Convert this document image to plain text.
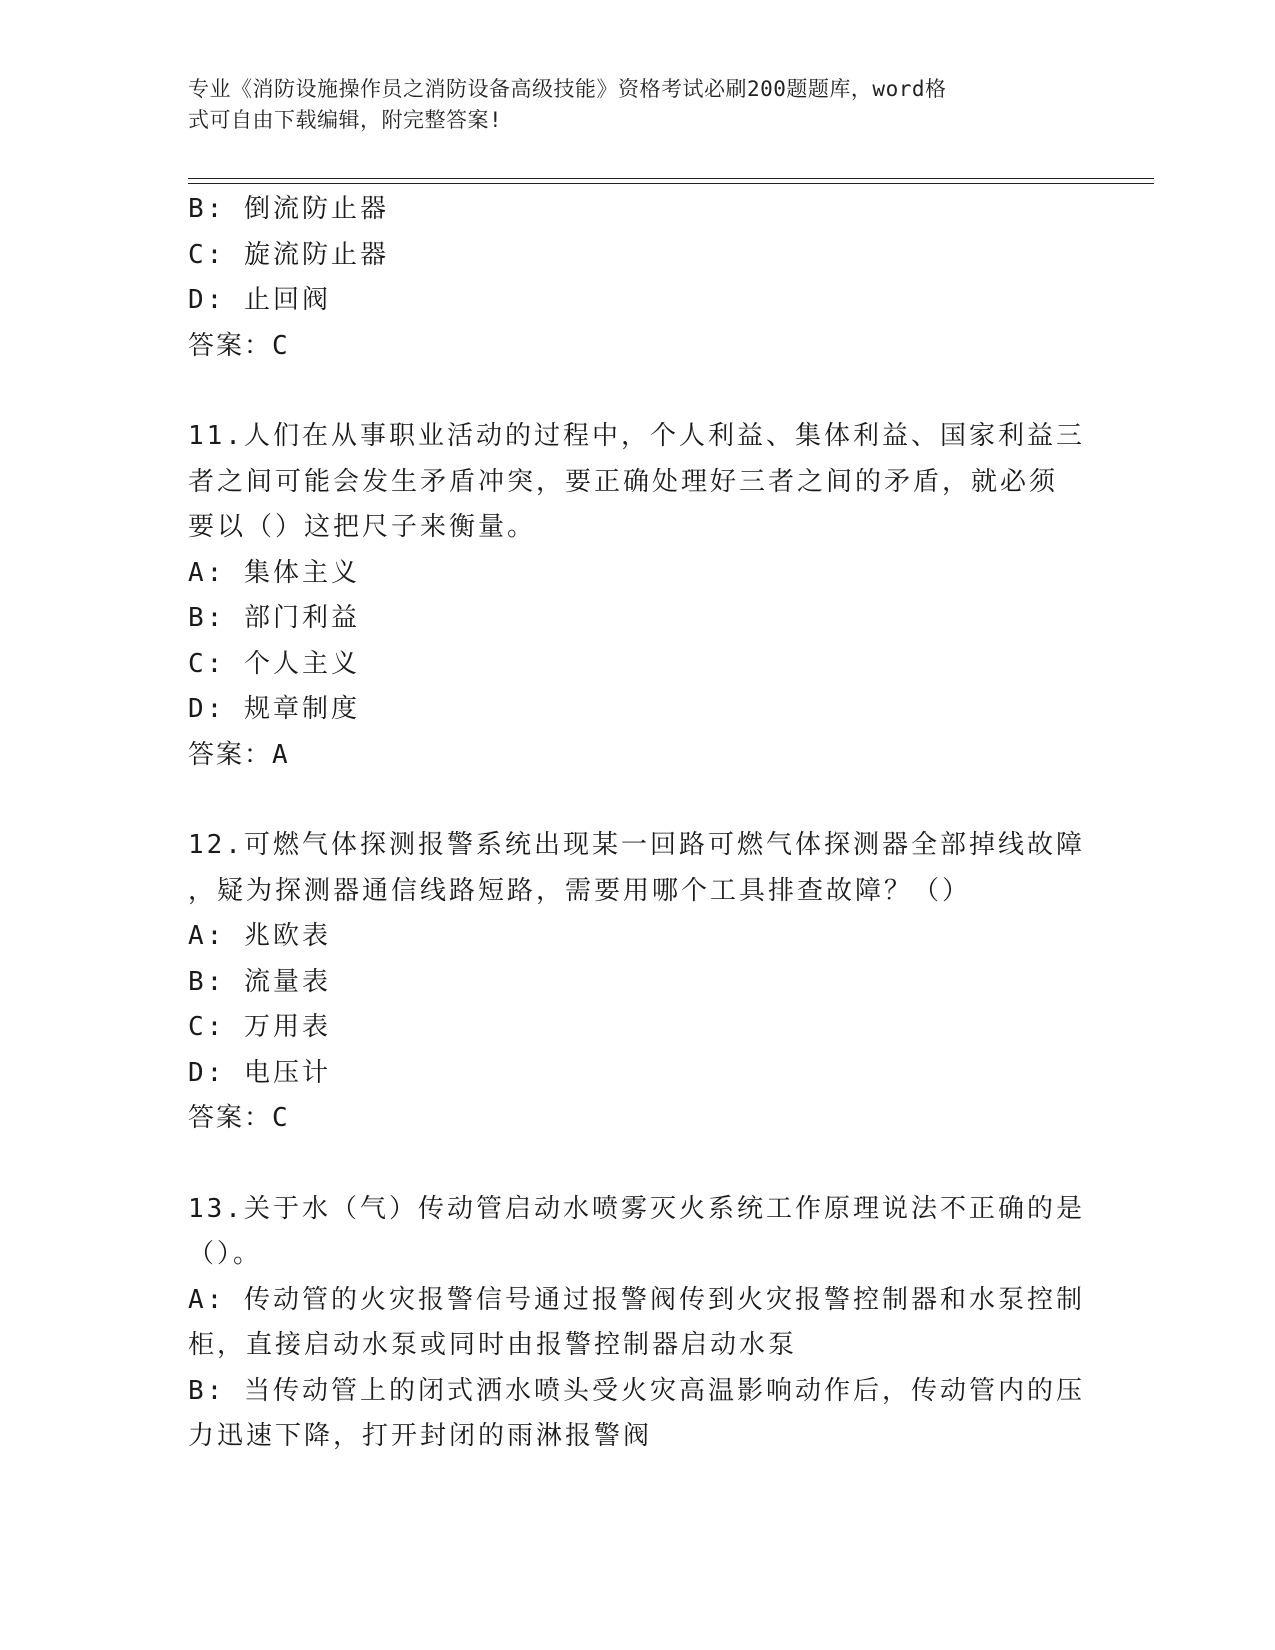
专业《消防设施操作员之消防设备高级技能》资格考试必刷200题题库，word格
式可自由下载编辑，附完整答案!
B: 倒流防止器
C: 旋流防止器
D: 止回阀
答案：C
11.人们在从事职业活动的过程中，个人利益、集体利益、国家利益三
者之间可能会发生矛盾冲突，要正确处理好三者之间的矛盾，就必须
要以（）这把尺子来衡量。
A: 集体主义
B: 部门利益
C: 个人主义
D: 规章制度
答案：A
12.可燃气体探测报警系统出现某一回路可燃气体探测器全部掉线故障
，疑为探测器通信线路短路，需要用哪个工具排查故障？（）
A: 兆欧表
B: 流量表
C: 万用表
D: 电压计
答案：C
13.关于水（气）传动管启动水喷雾灭火系统工作原理说法不正确的是
（）。
A: 传动管的火灾报警信号通过报警阀传到火灾报警控制器和水泵控制
柜，直接启动水泵或同时由报警控制器启动水泵
B: 当传动管上的闭式洒水喷头受火灾高温影响动作后，传动管内的压
力迅速下降，打开封闭的雨淋报警阀
